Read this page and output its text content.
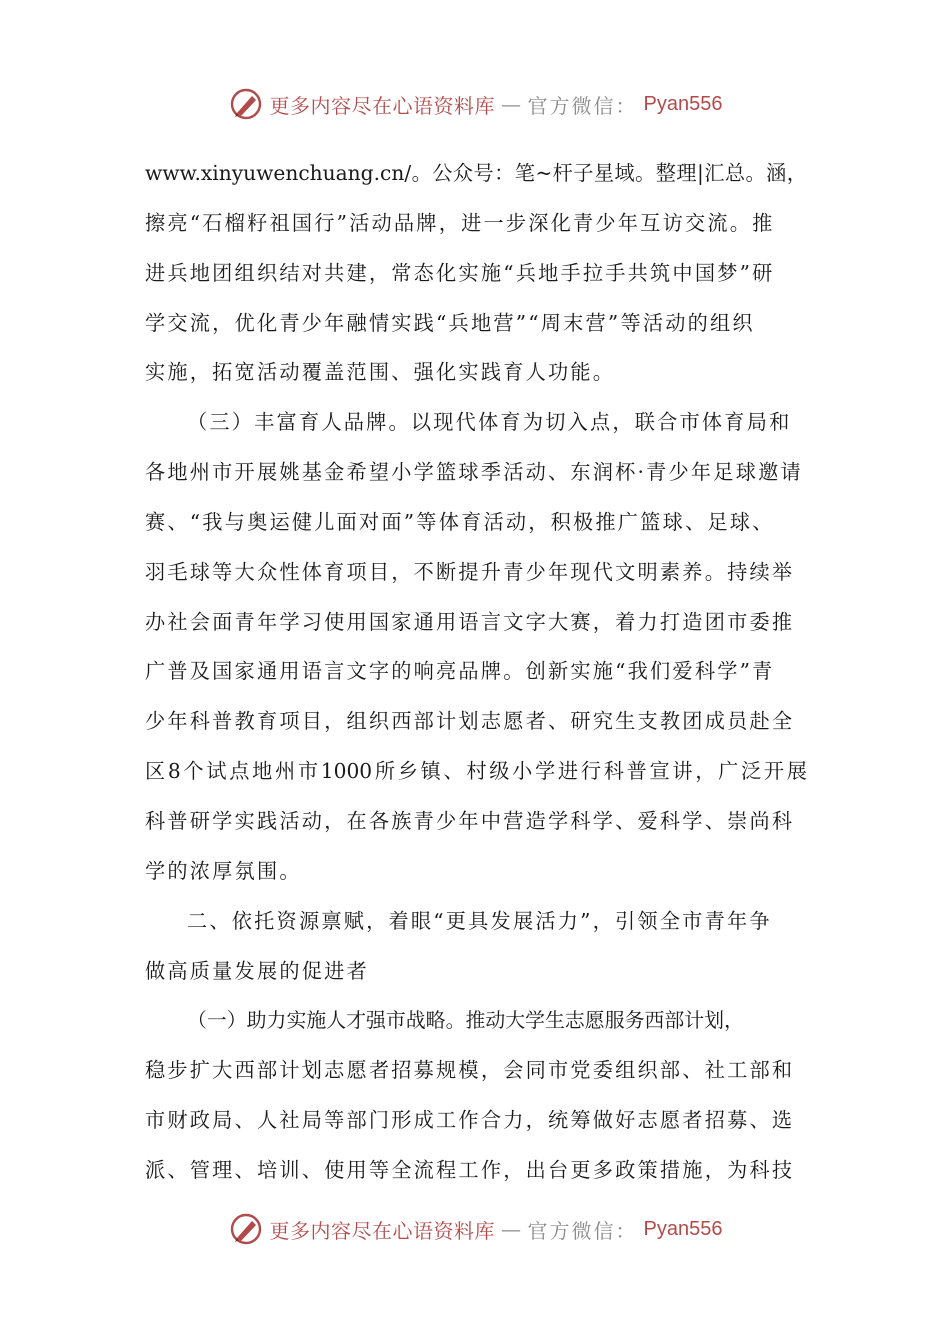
更多内容尽在心语资料库 — 官方微信： Pyan556
www.xinyuwenchuang.cn/。公众号：笔~杆子星域。整理|汇总。涵，
擦亮“石榴籽祖国行”活动品牌，进一步深化青少年互访交流。推
进兵地团组织结对共建，常态化实施“兵地手拉手共筑中国梦”研
学交流，优化青少年融情实践“兵地营”“周末营”等活动的组织
实施，拓宽活动覆盖范围、强化实践育人功能。
（三）丰富育人品牌。以现代体育为切入点，联合市体育局和
各地州市开展姚基金希望小学篮球季活动、东润杯·青少年足球邀请
赛、“我与奥运健儿面对面”等体育活动，积极推广篮球、足球、
羽毛球等大众性体育项目，不断提升青少年现代文明素养。持续举
办社会面青年学习使用国家通用语言文字大赛，着力打造团市委推
广普及国家通用语言文字的响亮品牌。创新实施“我们爱科学”青
少年科普教育项目，组织西部计划志愿者、研究生支教团成员赴全
区8个试点地州市1000所乡镇、村级小学进行科普宣讲，广泛开展
科普研学实践活动，在各族青少年中营造学科学、爱科学、崇尚科
学的浓厚氛围。
二、依托资源禀赋，着眼“更具发展活力”，引领全市青年争
做高质量发展的促进者
（一）助力实施人才强市战略。推动大学生志愿服务西部计划，
稳步扩大西部计划志愿者招募规模，会同市党委组织部、社工部和
市财政局、人社局等部门形成工作合力，统筹做好志愿者招募、选
派、管理、培训、使用等全流程工作，出台更多政策措施，为科技
更多内容尽在心语资料库 — 官方微信： Pyan556
